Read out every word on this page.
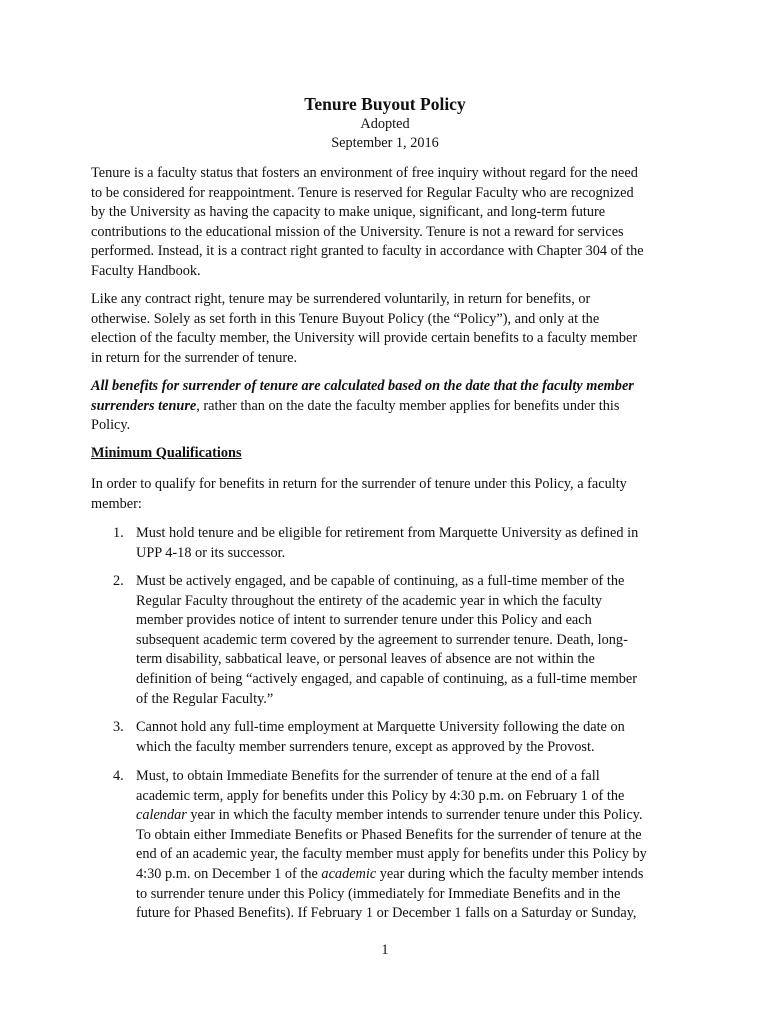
Tenure Buyout Policy
Adopted
September 1, 2016
Tenure is a faculty status that fosters an environment of free inquiry without regard for the need
to be considered for reappointment. Tenure is reserved for Regular Faculty who are recognized
by the University as having the capacity to make unique, significant, and long-term future
contributions to the educational mission of the University. Tenure is not a reward for services
performed. Instead, it is a contract right granted to faculty in accordance with Chapter 304 of the
Faculty Handbook.
Like any contract right, tenure may be surrendered voluntarily, in return for benefits, or
otherwise. Solely as set forth in this Tenure Buyout Policy (the “Policy”), and only at the
election of the faculty member, the University will provide certain benefits to a faculty member
in return for the surrender of tenure.
All benefits for surrender of tenure are calculated based on the date that the faculty member
surrenders tenure, rather than on the date the faculty member applies for benefits under this
Policy.
Minimum Qualifications
In order to qualify for benefits in return for the surrender of tenure under this Policy, a faculty
member:
1. Must hold tenure and be eligible for retirement from Marquette University as defined in
UPP 4-18 or its successor.
2. Must be actively engaged, and be capable of continuing, as a full-time member of the
Regular Faculty throughout the entirety of the academic year in which the faculty
member provides notice of intent to surrender tenure under this Policy and each
subsequent academic term covered by the agreement to surrender tenure. Death, long-
term disability, sabbatical leave, or personal leaves of absence are not within the
definition of being “actively engaged, and capable of continuing, as a full-time member
of the Regular Faculty.”
3. Cannot hold any full-time employment at Marquette University following the date on
which the faculty member surrenders tenure, except as approved by the Provost.
4. Must, to obtain Immediate Benefits for the surrender of tenure at the end of a fall
academic term, apply for benefits under this Policy by 4:30 p.m. on February 1 of the
calendar year in which the faculty member intends to surrender tenure under this Policy.
To obtain either Immediate Benefits or Phased Benefits for the surrender of tenure at the
end of an academic year, the faculty member must apply for benefits under this Policy by
4:30 p.m. on December 1 of the academic year during which the faculty member intends
to surrender tenure under this Policy (immediately for Immediate Benefits and in the
future for Phased Benefits). If February 1 or December 1 falls on a Saturday or Sunday,
1
